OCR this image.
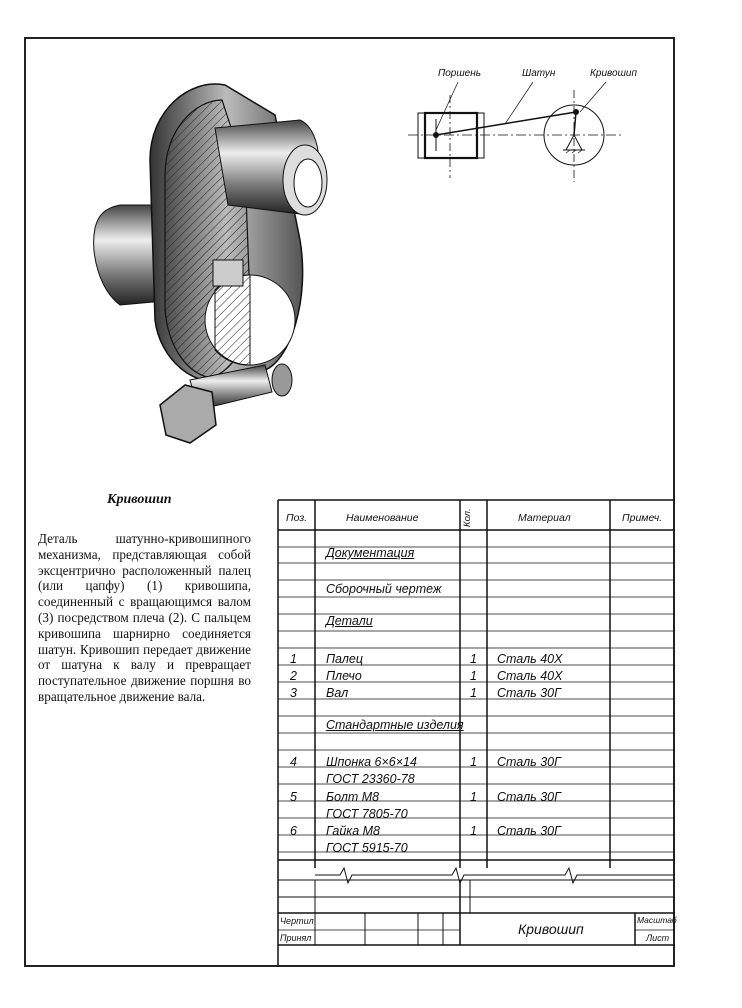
Поршень	Шатун	Кривошип
Кривошип
Деталь шатунно-кривошипного механизма, представляющая собой эксцентрично расположенный палец (или цапфу) (1) кривошипа, соединенный с вращающимся валом (3) посредством плеча (2). С пальцем кривошипа шарнирно соединяется шатун. Кривошип передает движение от шатуна к валу и превращает поступательное движение поршня во вращательное движение вала.
Поз.	Наименование	Кол.	Материал	Примеч.
Документация
Сборочный чертеж
Детали
Стандартные изделия
1 Палец	1 Сталь 40Х
2 Плечо	1 Сталь 40Х
3 Вал	1 Сталь 30Г
4 Шпонка 6×6×14	1 Сталь 30Г
ГОСТ 23360-78
5 Болт М8	1 Сталь 30Г
ГОСТ 7805-70
6 Гайка М8	1 Сталь 30Г
ГОСТ 5915-70
Чертил
Принял
Кривошип
Масштаб
Лист
